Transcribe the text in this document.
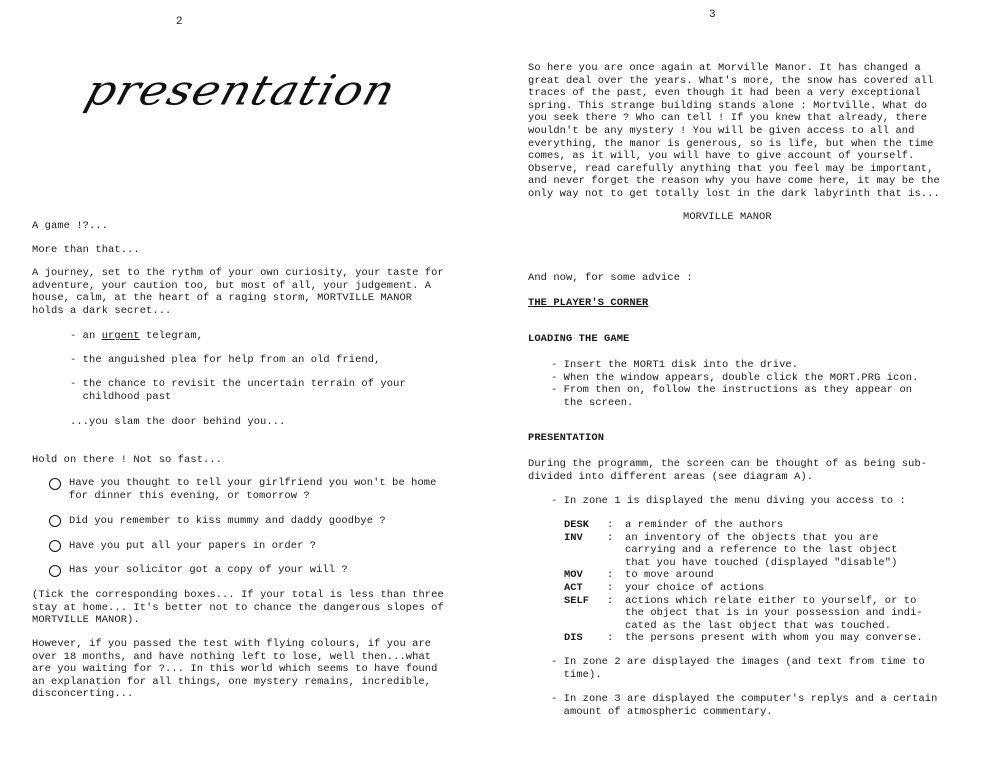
2
presentation
A game !?...
More than that...
A journey, set to the rythm of your own curiosity, your taste for
adventure, your caution too, but most of all, your judgement. A
house, calm, at the heart of a raging storm, MORTVILLE MANOR
holds a dark secret...
- an urgent telegram,
- the anguished plea for help from an old friend,
- the chance to revisit the uncertain terrain of your
childhood past
...you slam the door behind you...
Hold on there ! Not so fast...
Have you thought to tell your girlfriend you won't be home
for dinner this evening, or tomorrow ?
Did you remember to kiss mummy and daddy goodbye ?
Have you put all your papers in order ?
Has your solicitor got a copy of your will ?
(Tick the corresponding boxes... If your total is less than three
stay at home... It's better not to chance the dangerous slopes of
MORTVILLE MANOR).
However, if you passed the test with flying colours, if you are
over 18 months, and have nothing left to lose, well then...what
are you waiting for ?... In this world which seems to have found
an explanation for all things, one mystery remains, incredible,
disconcerting...
3
So here you are once again at Morville Manor. It has changed a
great deal over the years. What's more, the snow has covered all
traces of the past, even though it had been a very exceptional
spring. This strange building stands alone : Mortville. What do
you seek there ? Who can tell ! If you knew that already, there
wouldn't be any mystery ! You will be given access to all and
everything, the manor is generous, so is life, but when the time
comes, as it will, you will have to give account of yourself.
Observe, read carefully anything that you feel may be important,
and never forget the reason why you have come here, it may be the
only way not to get totally lost in the dark labyrinth that is...
MORVILLE MANOR
And now, for some advice :
THE PLAYER'S CORNER
LOADING THE GAME
- Insert the MORT1 disk into the drive.
- When the window appears, double click the MORT.PRG icon.
- From then on, follow the instructions as they appear on
the screen.
PRESENTATION
During the programm, the screen can be thought of as being sub-
divided into different areas (see diagram A).
- In zone 1 is displayed the menu diving you access to :
DESK : a reminder of the authors
INV : an inventory of the objects that you are
carrying and a reference to the last object
that you have touched (displayed "disable")
MOV : to move around
ACT : your choice of actions
SELF : actions which relate either to yourself, or to
the object that is in your possession and indi-
cated as the last object that was touched.
DIS : the persons present with whom you may converse.
- In zone 2 are displayed the images (and text from time to
time).
- In zone 3 are displayed the computer's replys and a certain
amount of atmospheric commentary.
